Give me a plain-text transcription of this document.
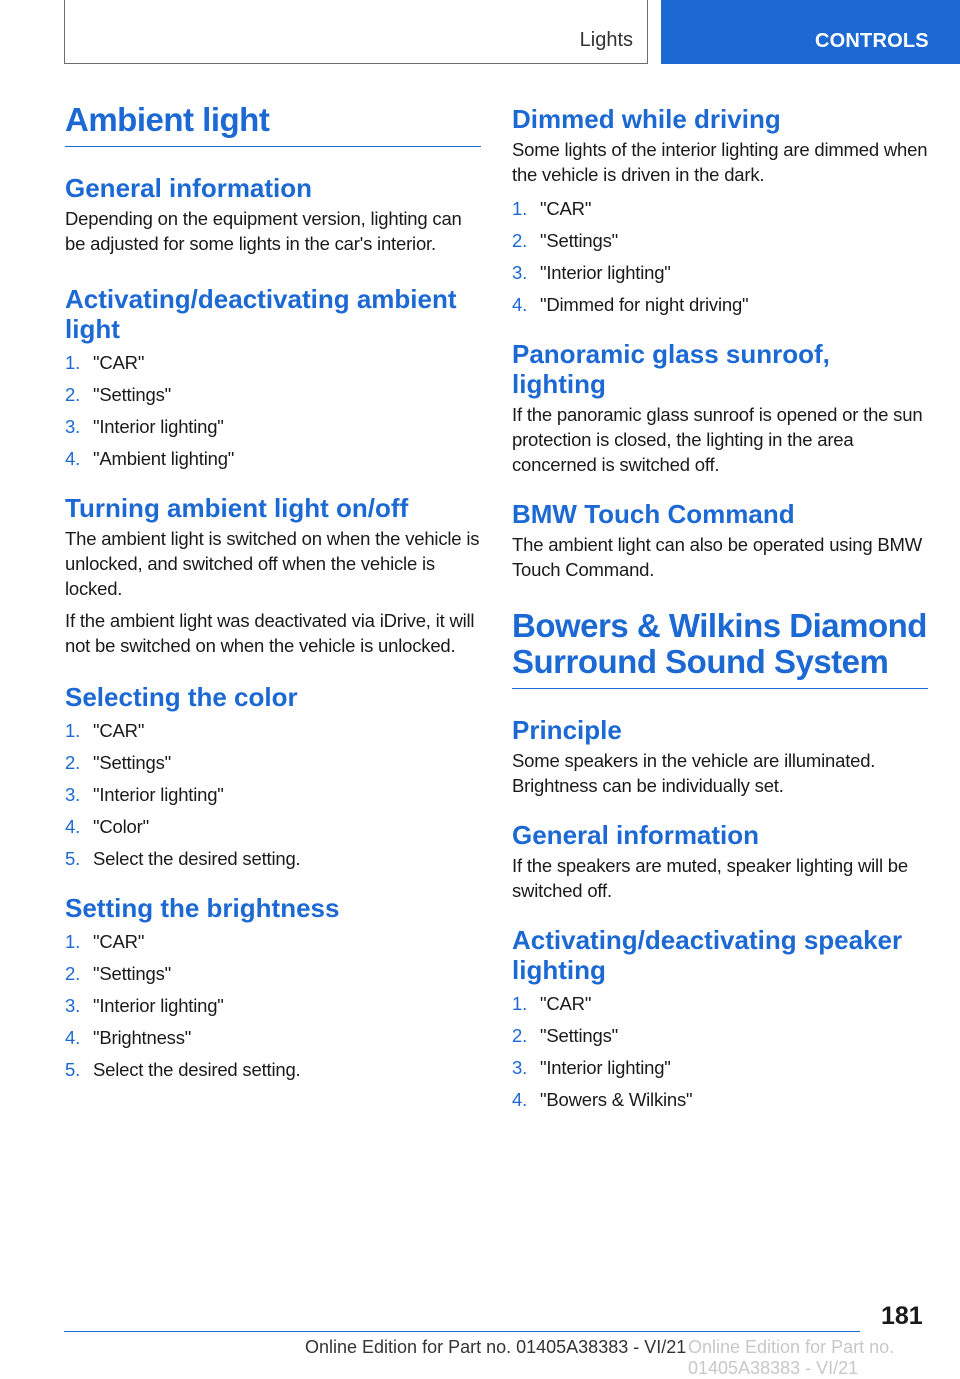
Lights	CONTROLS
Ambient light
General information

Depending on the equipment version, lighting can be adjusted for some lights in the car's interior.

Activating/deactivating ambient light
1. "CAR"
2. "Settings"
3. "Interior lighting"
4. "Ambient lighting"
Turning ambient light on/off

The ambient light is switched on when the vehicle is unlocked, and switched off when the vehicle is locked.

If the ambient light was deactivated via iDrive, it will not be switched on when the vehicle is unlocked.

Selecting the color
1. "CAR"
2. "Settings"
3. "Interior lighting"
4. "Color"
5. Select the desired setting.
Setting the brightness
1. "CAR"
2. "Settings"
3. "Interior lighting"
4. "Brightness"
5. Select the desired setting.
Dimmed while driving

Some lights of the interior lighting are dimmed when the vehicle is driven in the dark.

1. "CAR"
2. "Settings"
3. "Interior lighting"
4. "Dimmed for night driving"
Panoramic glass sunroof, lighting

If the panoramic glass sunroof is opened or the sun protection is closed, the lighting in the area concerned is switched off.

BMW Touch Command

The ambient light can also be operated using BMW Touch Command.

Bowers & Wilkins Diamond Surround Sound System
Principle

Some speakers in the vehicle are illuminated. Brightness can be individually set.

General information

If the speakers are muted, speaker lighting will be switched off.

Activating/deactivating speaker lighting
1. "CAR"
2. "Settings"
3. "Interior lighting"
4. "Bowers & Wilkins"
181
Online Edition for Part no. 01405A38383 - VI/21 Online Edition for Part no. 01405A38383 - VI/21
